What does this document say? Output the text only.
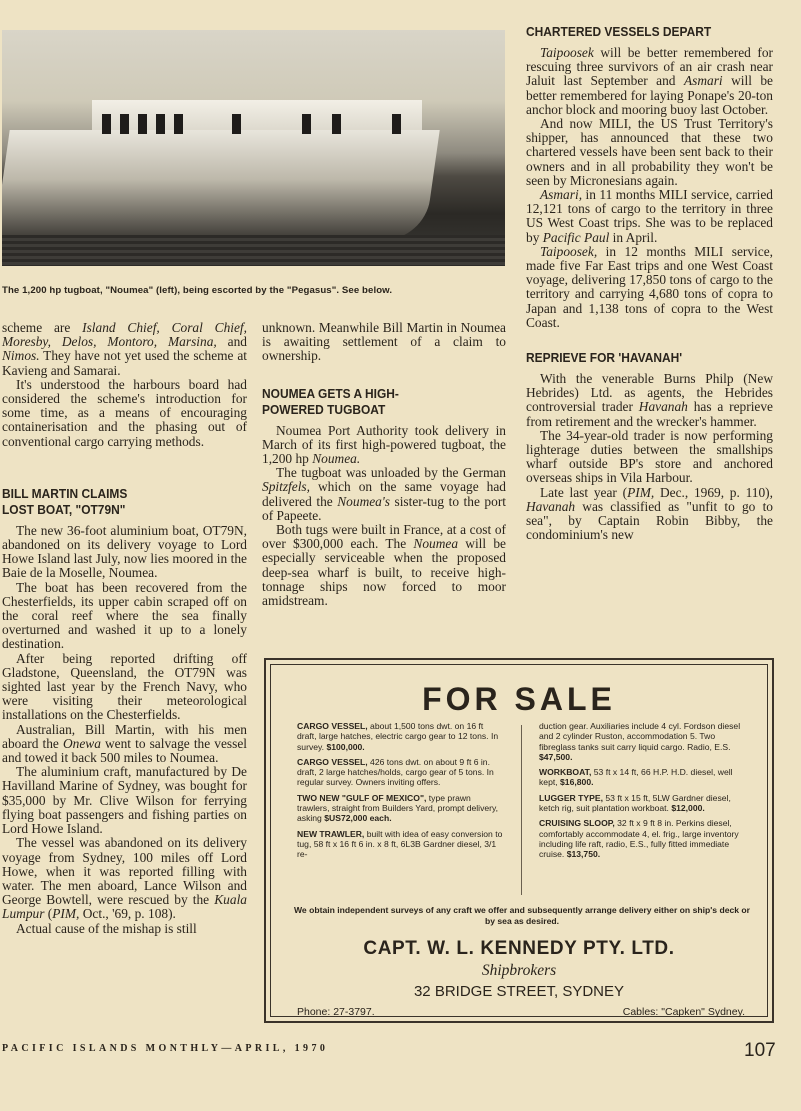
The 1,200 hp tugboat, "Noumea" (left), being escorted by the "Pegasus". See below.

scheme are Island Chief, Coral Chief, Moresby, Delos, Montoro, Marsina, and Nimos. They have not yet used the scheme at Kavieng and Samarai.

It's understood the harbours board had considered the scheme's introduction for some time, as a means of encouraging containerisation and the phasing out of conventional cargo carrying methods.

BILL MARTIN CLAIMS
LOST BOAT, "OT79N"

The new 36-foot aluminium boat, OT79N, abandoned on its delivery voyage to Lord Howe Island last July, now lies moored in the Baie de la Moselle, Noumea.

The boat has been recovered from the Chesterfields, its upper cabin scraped off on the coral reef where the sea finally overturned and washed it up to a lonely destination.

After being reported drifting off Gladstone, Queensland, the OT79N was sighted last year by the French Navy, who were visiting their meteorological installations on the Chesterfields.

Australian, Bill Martin, with his men aboard the Onewa went to salvage the vessel and towed it back 500 miles to Noumea.

The aluminium craft, manufactured by De Havilland Marine of Sydney, was bought for $35,000 by Mr. Clive Wilson for ferrying flying boat passengers and fishing parties on Lord Howe Island.

The vessel was abandoned on its delivery voyage from Sydney, 100 miles off Lord Howe, when it was reported filling with water. The men aboard, Lance Wilson and George Bowtell, were rescued by the Kuala Lumpur (PIM, Oct., '69, p. 108).

Actual cause of the mishap is still

unknown. Meanwhile Bill Martin in Noumea is awaiting settlement of a claim to ownership.

NOUMEA GETS A HIGH-
POWERED TUGBOAT

Noumea Port Authority took delivery in March of its first high-powered tugboat, the 1,200 hp Noumea.

The tugboat was unloaded by the German Spitzfels, which on the same voyage had delivered the Noumea's sister-tug to the port of Papeete.

Both tugs were built in France, at a cost of over $300,000 each. The Noumea will be especially serviceable when the proposed deep-sea wharf is built, to receive high-tonnage ships now forced to moor amidstream.

CHARTERED VESSELS DEPART

Taipoosek will be better remembered for rescuing three survivors of an air crash near Jaluit last September and Asmari will be better remembered for laying Ponape's 20-ton anchor block and mooring buoy last October.

And now MILI, the US Trust Territory's shipper, has announced that these two chartered vessels have been sent back to their owners and in all probability they won't be seen by Micronesians again.

Asmari, in 11 months MILI service, carried 12,121 tons of cargo to the territory in three US West Coast trips. She was to be replaced by Pacific Paul in April.

Taipoosek, in 12 months MILI service, made five Far East trips and one West Coast voyage, delivering 17,850 tons of cargo to the territory and carrying 4,680 tons of copra to Japan and 1,138 tons of copra to the West Coast.

REPRIEVE FOR 'HAVANAH'

With the venerable Burns Philp (New Hebrides) Ltd. as agents, the Hebrides controversial trader Havanah has a reprieve from retirement and the wrecker's hammer.

The 34-year-old trader is now performing lighterage duties between the smallships wharf outside BP's store and anchored overseas ships in Vila Harbour.

Late last year (PIM, Dec., 1969, p. 110), Havanah was classified as "unfit to go to sea", by Captain Robin Bibby, the condominium's new

FOR SALE

CARGO VESSEL, about 1,500 tons dwt. on 16 ft draft, large hatches, electric cargo gear to 12 tons. In survey. $100,000.

CARGO VESSEL, 426 tons dwt. on about 9 ft 6 in. draft, 2 large hatches/holds, cargo gear of 5 tons. In regular survey. Owners inviting offers.

TWO NEW "GULF OF MEXICO", type prawn trawlers, straight from Builders Yard, prompt delivery, asking $US72,000 each.

NEW TRAWLER, built with idea of easy conversion to tug, 58 ft x 16 ft 6 in. x 8 ft, 6L3B Gardner diesel, 3/1 re-

duction gear. Auxiliaries include 4 cyl. Fordson diesel and 2 cylinder Ruston, accommodation 5. Two fibreglass tanks suit carry liquid cargo. Radio, E.S. $47,500.

WORKBOAT, 53 ft x 14 ft, 66 H.P. H.D. diesel, well kept, $16,800.

LUGGER TYPE, 53 ft x 15 ft, 5LW Gardner diesel, ketch rig, suit plantation workboat. $12,000.

CRUISING SLOOP, 32 ft x 9 ft 8 in. Perkins diesel, comfortably accommodate 4, el. frig., large inventory including life raft, radio, E.S., fully fitted immediate cruise. $13,750.

We obtain independent surveys of any craft we offer and subsequently arrange delivery either on ship's deck or by sea as desired.
CAPT. W. L. KENNEDY PTY. LTD.
Shipbrokers
32 BRIDGE STREET, SYDNEY
Phone: 27-3797.	Cables: "Capken" Sydney.
PACIFIC ISLANDS MONTHLY—APRIL, 1970	107
